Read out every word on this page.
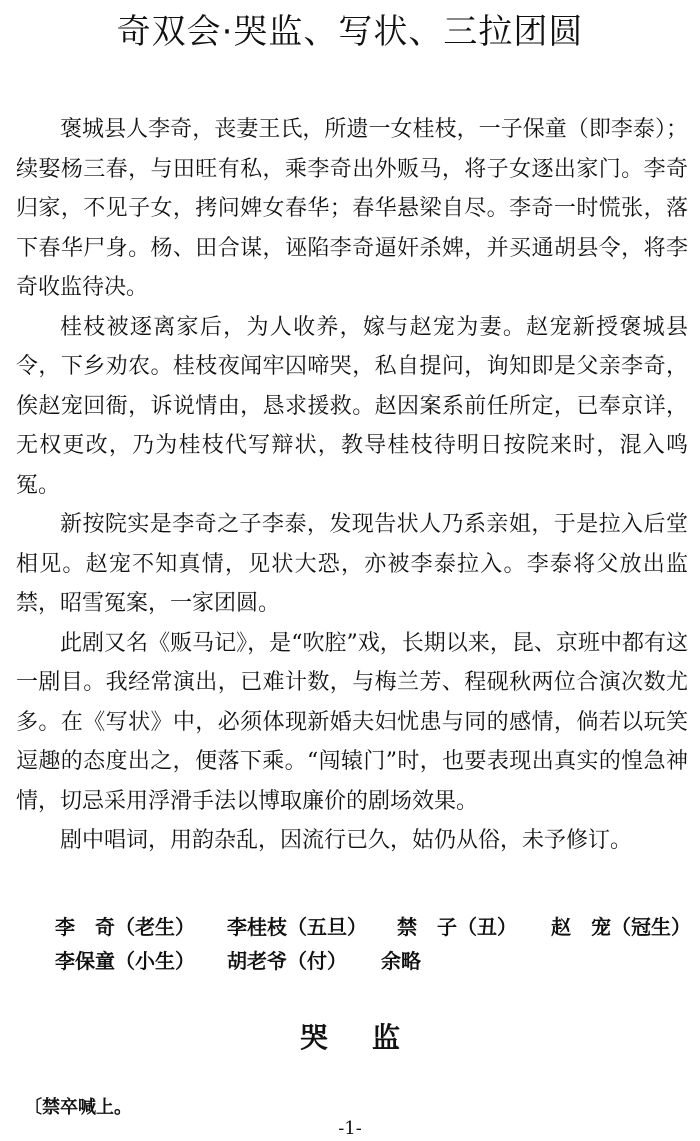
奇双会·哭监、写状、三拉团圆

褒城县人李奇，丧妻王氏，所遗一女桂枝，一子保童（即李泰）；续娶杨三春，与田旺有私，乘李奇出外贩马，将子女逐出家门。李奇归家，不见子女，拷问婢女春华；春华悬梁自尽。李奇一时慌张，落下春华尸身。杨、田合谋，诬陷李奇逼奸杀婢，并买通胡县令，将李奇收监待决。

桂枝被逐离家后，为人收养，嫁与赵宠为妻。赵宠新授褒城县令，下乡劝农。桂枝夜闻牢囚啼哭，私自提问，询知即是父亲李奇，俟赵宠回衙，诉说情由，恳求援救。赵因案系前任所定，已奉京详，无权更改，乃为桂枝代写辩状，教导桂枝待明日按院来时，混入鸣冤。

新按院实是李奇之子李泰，发现告状人乃系亲姐，于是拉入后堂相见。赵宠不知真情，见状大恐，亦被李泰拉入。李泰将父放出监禁，昭雪冤案，一家团圆。

此剧又名《贩马记》，是“吹腔”戏，长期以来，昆、京班中都有这一剧目。我经常演出，已难计数，与梅兰芳、程砚秋两位合演次数尤多。在《写状》中，必须体现新婚夫妇忧患与同的感情，倘若以玩笑逗趣的态度出之，便落下乘。“闯辕门”时，也要表现出真实的惶急神情，切忌采用浮滑手法以博取廉价的剧场效果。

剧中唱词，用韵杂乱，因流行已久，姑仍从俗，未予修订。

李　奇（老生） 李桂枝（五旦） 禁　子（丑） 赵　宠（冠生）
李保童（小生） 胡老爷（付） 余略
哭监
〔禁卒喊上。
-1-
